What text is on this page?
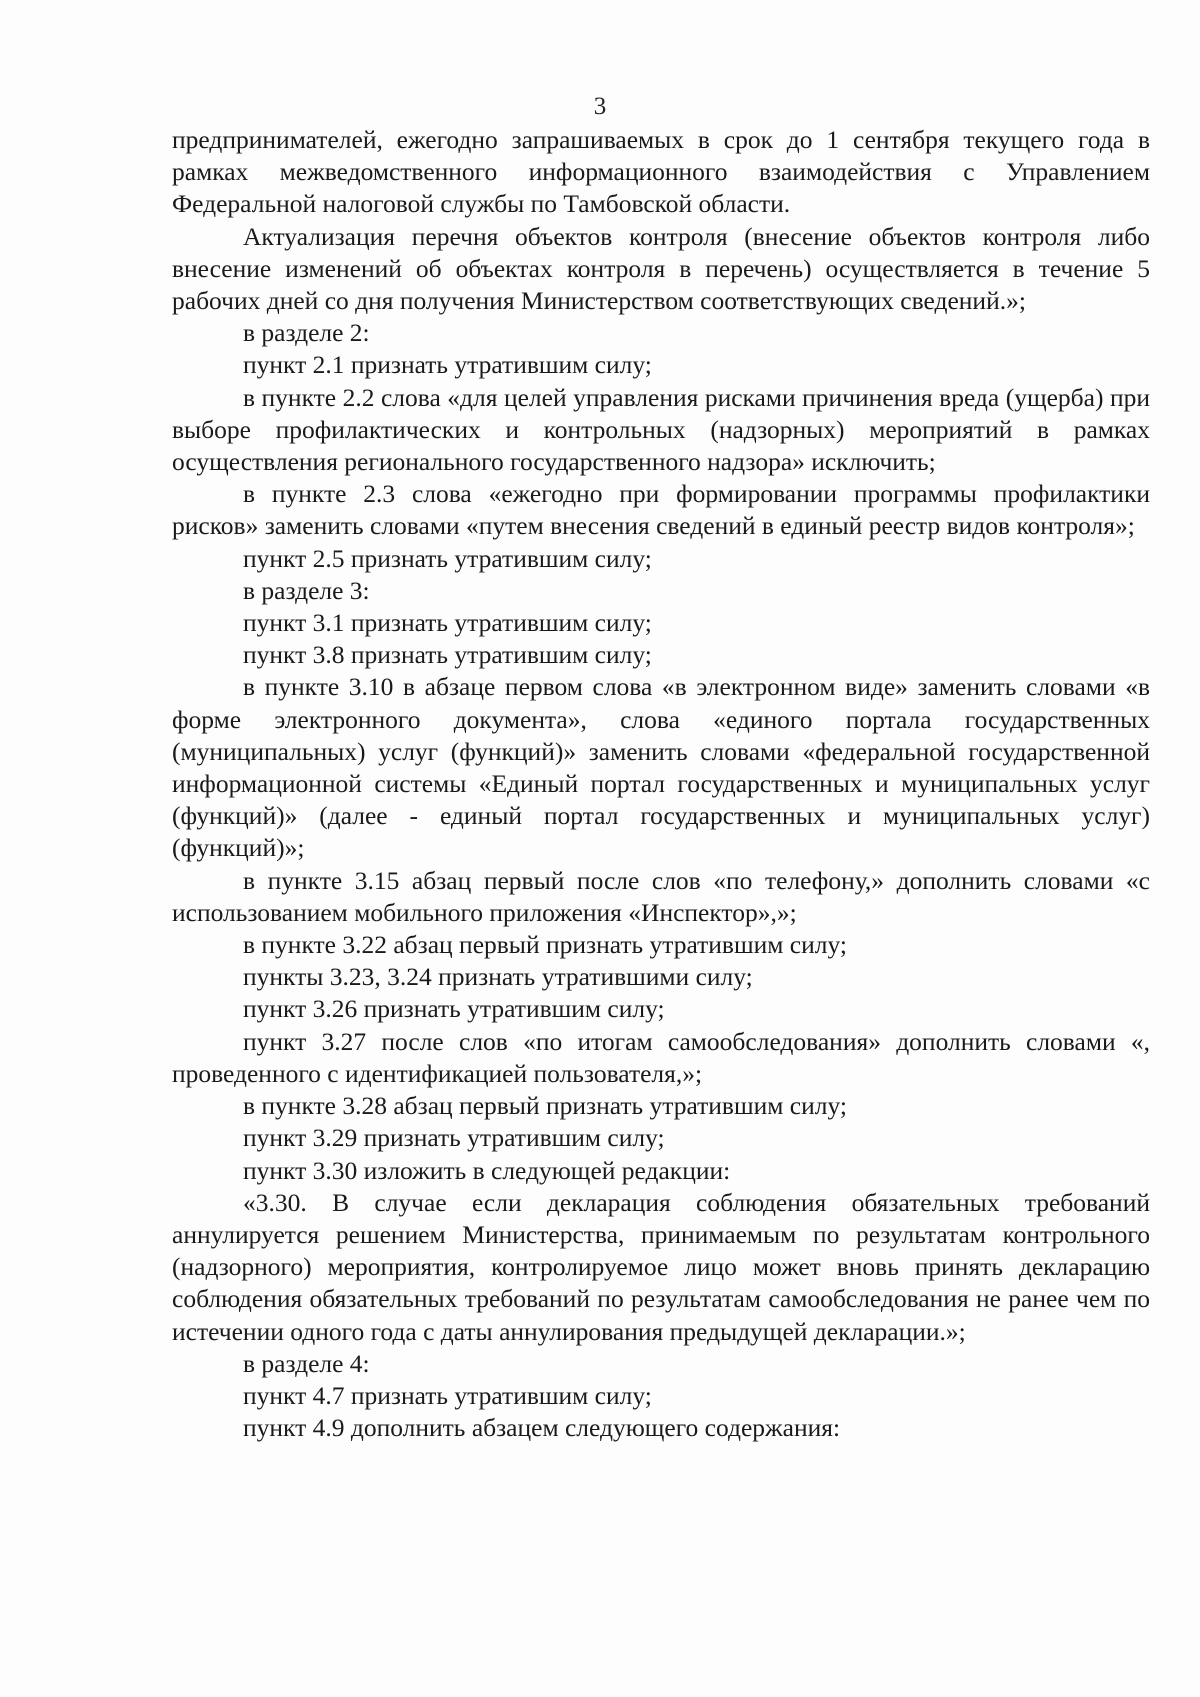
3

предпринимателей, ежегодно запрашиваемых в срок до 1 сентября текущего года в рамках межведомственного информационного взаимодействия с Управлением Федеральной налоговой службы по Тамбовской области.

Актуализация перечня объектов контроля (внесение объектов контроля либо внесение изменений об объектах контроля в перечень) осуществляется в течение 5 рабочих дней со дня получения Министерством соответствующих сведений.»;

в разделе 2:

пункт 2.1 признать утратившим силу;

в пункте 2.2 слова «для целей управления рисками причинения вреда (ущерба) при выборе профилактических и контрольных (надзорных) мероприятий в рамках осуществления регионального государственного надзора» исключить;

в пункте 2.3 слова «ежегодно при формировании программы профилактики рисков» заменить словами «путем внесения сведений в единый реестр видов контроля»;

пункт 2.5 признать утратившим силу;

в разделе 3:

пункт 3.1 признать утратившим силу;

пункт 3.8 признать утратившим силу;

в пункте 3.10 в абзаце первом слова «в электронном виде» заменить словами «в форме электронного документа», слова «единого портала государственных (муниципальных) услуг (функций)» заменить словами «федеральной государственной информационной системы «Единый портал государственных и муниципальных услуг (функций)» (далее - единый портал государственных и муниципальных услуг) (функций)»;

в пункте 3.15 абзац первый после слов «по телефону,» дополнить словами «с использованием мобильного приложения «Инспектор»,»;

в пункте 3.22 абзац первый признать утратившим силу;

пункты 3.23, 3.24 признать утратившими силу;

пункт 3.26 признать утратившим силу;

пункт 3.27 после слов «по итогам самообследования» дополнить словами «, проведенного с идентификацией пользователя,»;

в пункте 3.28 абзац первый признать утратившим силу;

пункт 3.29 признать утратившим силу;

пункт 3.30 изложить в следующей редакции:

«3.30. В случае если декларация соблюдения обязательных требований аннулируется решением Министерства, принимаемым по результатам контрольного (надзорного) мероприятия, контролируемое лицо может вновь принять декларацию соблюдения обязательных требований по результатам самообследования не ранее чем по истечении одного года с даты аннулирования предыдущей декларации.»;

в разделе 4:

пункт 4.7 признать утратившим силу;

пункт 4.9 дополнить абзацем следующего содержания:
